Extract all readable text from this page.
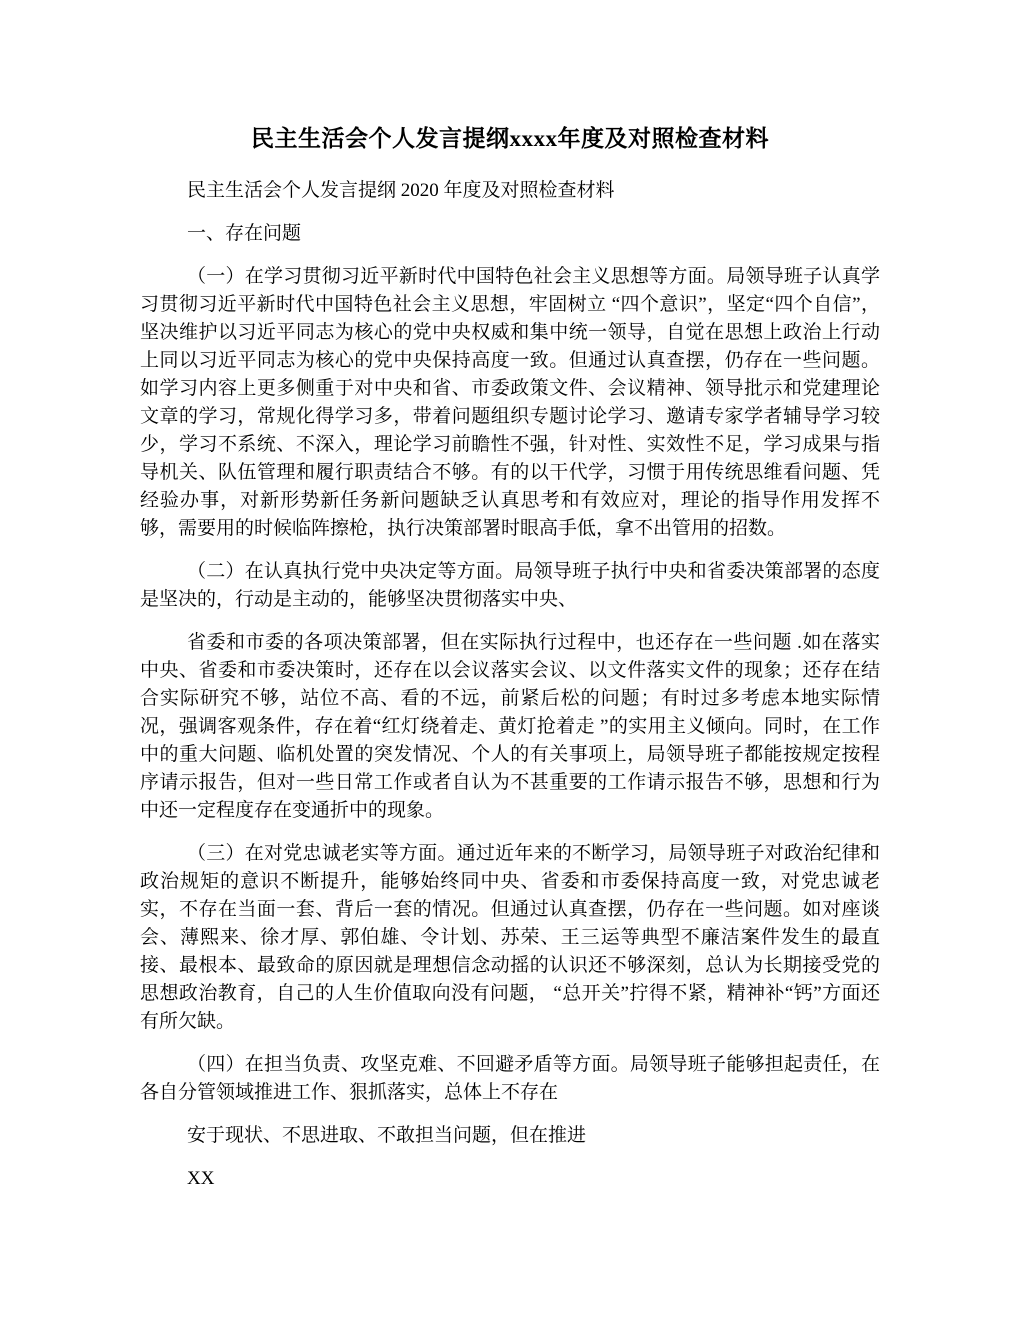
民主生活会个人发言提纲xxxx年度及对照检查材料

民主生活会个人发言提纲 2020 年度及对照检查材料

一、存在问题

（一）在学习贯彻习近平新时代中国特色社会主义思想等方面。局领导班子认真学习贯彻习近平新时代中国特色社会主义思想，牢固树立 “四个意识”，坚定“四个自信”，坚决维护以习近平同志为核心的党中央权威和集中统一领导，自觉在思想上政治上行动上同以习近平同志为核心的党中央保持高度一致。但通过认真查摆，仍存在一些问题。如学习内容上更多侧重于对中央和省、市委政策文件、会议精神、领导批示和党建理论文章的学习，常规化得学习多，带着问题组织专题讨论学习、邀请专家学者辅导学习较少，学习不系统、不深入，理论学习前瞻性不强，针对性、实效性不足，学习成果与指导机关、队伍管理和履行职责结合不够。有的以干代学，习惯于用传统思维看问题、凭经验办事，对新形势新任务新问题缺乏认真思考和有效应对，理论的指导作用发挥不够，需要用的时候临阵擦枪，执行决策部署时眼高手低，拿不出管用的招数。

（二）在认真执行党中央决定等方面。局领导班子执行中央和省委决策部署的态度是坚决的，行动是主动的，能够坚决贯彻落实中央、

省委和市委的各项决策部署，但在实际执行过程中，也还存在一些问题 .如在落实中央、省委和市委决策时，还存在以会议落实会议、以文件落实文件的现象；还存在结合实际研究不够，站位不高、看的不远，前紧后松的问题；有时过多考虑本地实际情况，强调客观条件，存在着“红灯绕着走、黄灯抢着走 ”的实用主义倾向。同时，在工作中的重大问题、临机处置的突发情况、个人的有关事项上，局领导班子都能按规定按程序请示报告，但对一些日常工作或者自认为不甚重要的工作请示报告不够，思想和行为中还一定程度存在变通折中的现象。

（三）在对党忠诚老实等方面。通过近年来的不断学习，局领导班子对政治纪律和政治规矩的意识不断提升，能够始终同中央、省委和市委保持高度一致，对党忠诚老实，不存在当面一套、背后一套的情况。但通过认真查摆，仍存在一些问题。如对座谈会、薄熙来、徐才厚、郭伯雄、令计划、苏荣、王三运等典型不廉洁案件发生的最直接、最根本、最致命的原因就是理想信念动摇的认识还不够深刻，总认为长期接受党的思想政治教育，自己的人生价值取向没有问题， “总开关”拧得不紧，精神补“钙”方面还有所欠缺。

（四）在担当负责、攻坚克难、不回避矛盾等方面。局领导班子能够担起责任，在各自分管领域推进工作、狠抓落实，总体上不存在

安于现状、不思进取、不敢担当问题，但在推进

XX
